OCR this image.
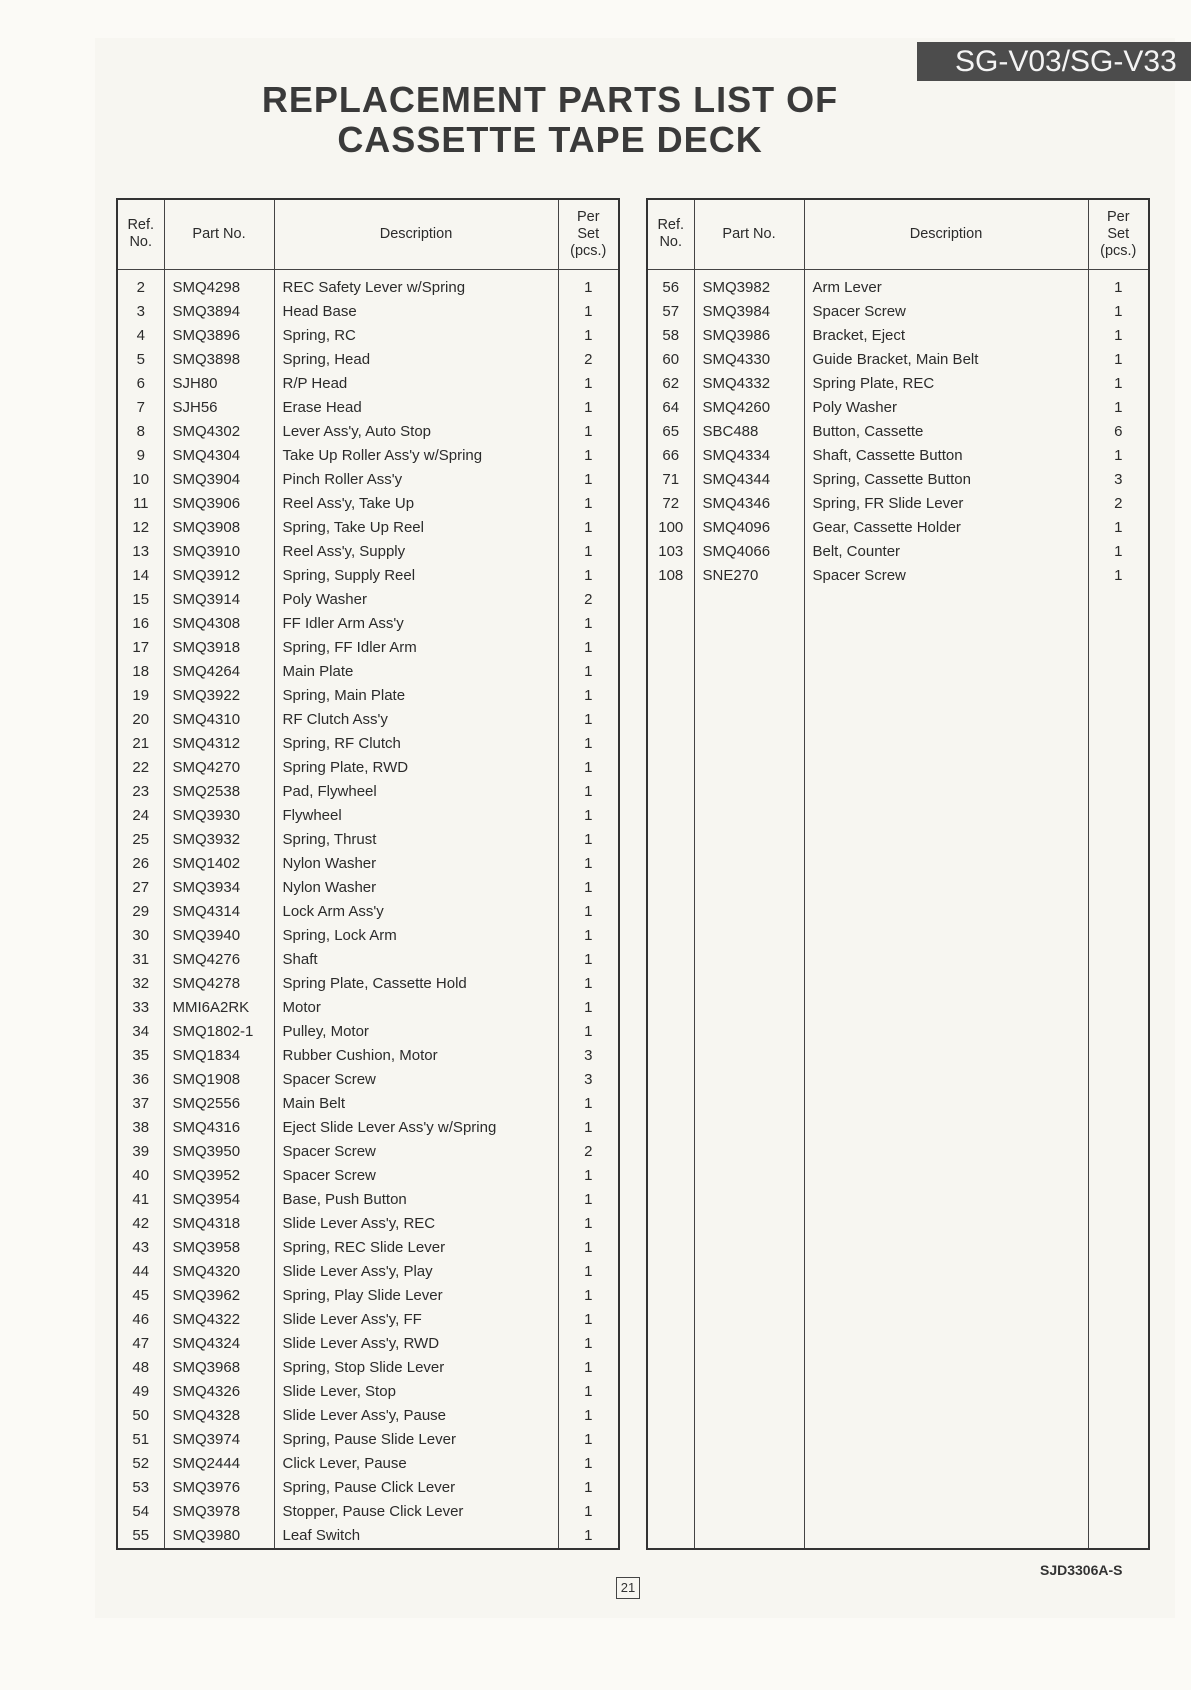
SG-V03/SG-V33
REPLACEMENT PARTS LIST OF
CASSETTE TAPE DECK
Ref.
No.	Part No.	Description	Per
Set
(pcs.)
2	SMQ4298	REC Safety Lever w/Spring	1
3	SMQ3894	Head Base	1
4	SMQ3896	Spring, RC	1
5	SMQ3898	Spring, Head	2
6	SJH80	R/P Head	1
7	SJH56	Erase Head	1
8	SMQ4302	Lever Ass'y, Auto Stop	1
9	SMQ4304	Take Up Roller Ass'y w/Spring	1
10	SMQ3904	Pinch Roller Ass'y	1
11	SMQ3906	Reel Ass'y, Take Up	1
12	SMQ3908	Spring, Take Up Reel	1
13	SMQ3910	Reel Ass'y, Supply	1
14	SMQ3912	Spring, Supply Reel	1
15	SMQ3914	Poly Washer	2
16	SMQ4308	FF Idler Arm Ass'y	1
17	SMQ3918	Spring, FF Idler Arm	1
18	SMQ4264	Main Plate	1
19	SMQ3922	Spring, Main Plate	1
20	SMQ4310	RF Clutch Ass'y	1
21	SMQ4312	Spring, RF Clutch	1
22	SMQ4270	Spring Plate, RWD	1
23	SMQ2538	Pad, Flywheel	1
24	SMQ3930	Flywheel	1
25	SMQ3932	Spring, Thrust	1
26	SMQ1402	Nylon Washer	1
27	SMQ3934	Nylon Washer	1
29	SMQ4314	Lock Arm Ass'y	1
30	SMQ3940	Spring, Lock Arm	1
31	SMQ4276	Shaft	1
32	SMQ4278	Spring Plate, Cassette Hold	1
33	MMI6A2RK	Motor	1
34	SMQ1802-1	Pulley, Motor	1
35	SMQ1834	Rubber Cushion, Motor	3
36	SMQ1908	Spacer Screw	3
37	SMQ2556	Main Belt	1
38	SMQ4316	Eject Slide Lever Ass'y w/Spring	1
39	SMQ3950	Spacer Screw	2
40	SMQ3952	Spacer Screw	1
41	SMQ3954	Base, Push Button	1
42	SMQ4318	Slide Lever Ass'y, REC	1
43	SMQ3958	Spring, REC Slide Lever	1
44	SMQ4320	Slide Lever Ass'y, Play	1
45	SMQ3962	Spring, Play Slide Lever	1
46	SMQ4322	Slide Lever Ass'y, FF	1
47	SMQ4324	Slide Lever Ass'y, RWD	1
48	SMQ3968	Spring, Stop Slide Lever	1
49	SMQ4326	Slide Lever, Stop	1
50	SMQ4328	Slide Lever Ass'y, Pause	1
51	SMQ3974	Spring, Pause Slide Lever	1
52	SMQ2444	Click Lever, Pause	1
53	SMQ3976	Spring, Pause Click Lever	1
54	SMQ3978	Stopper, Pause Click Lever	1
55	SMQ3980	Leaf Switch	1
Ref.
No.	Part No.	Description	Per
Set
(pcs.)
56	SMQ3982	Arm Lever	1
57	SMQ3984	Spacer Screw	1
58	SMQ3986	Bracket, Eject	1
60	SMQ4330	Guide Bracket, Main Belt	1
62	SMQ4332	Spring Plate, REC	1
64	SMQ4260	Poly Washer	1
65	SBC488	Button, Cassette	6
66	SMQ4334	Shaft, Cassette Button	1
71	SMQ4344	Spring, Cassette Button	3
72	SMQ4346	Spring, FR Slide Lever	2
100	SMQ4096	Gear, Cassette Holder	1
103	SMQ4066	Belt, Counter	1
108	SNE270	Spacer Screw	1

SJD3306A-S
21
